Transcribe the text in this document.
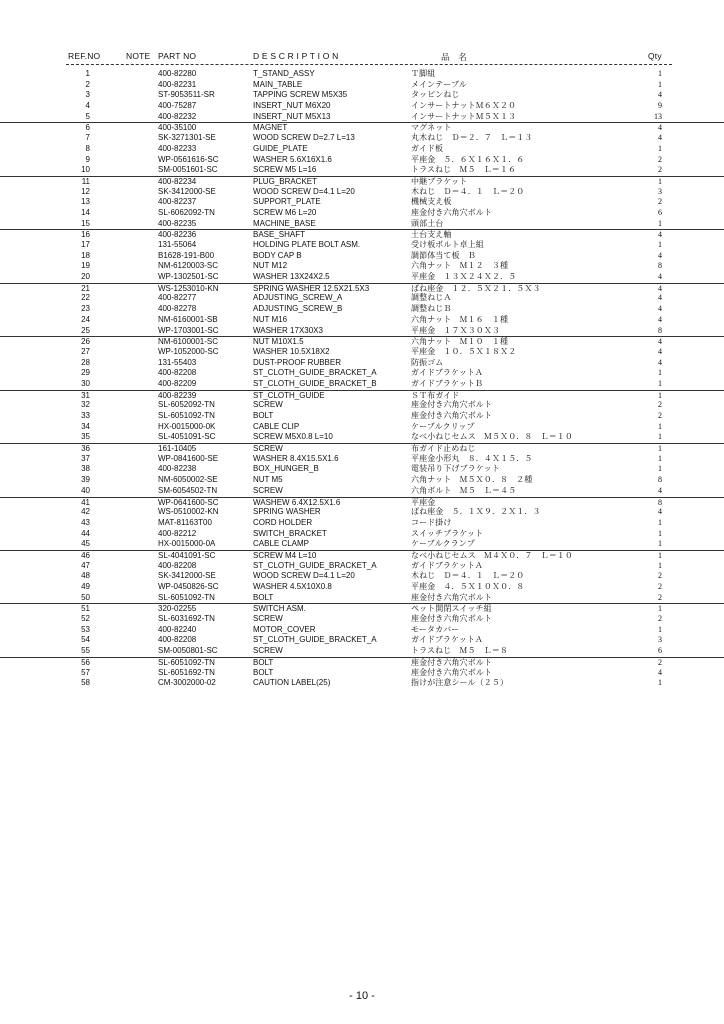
REF.NO	NOTE PART NO	D E S C R I P T I O N	品　名	Qty
1	400-82280	T_STAND_ASSY	Ｔ脚組	1
2	400-82231	MAIN_TABLE	メインテーブル	1
3	ST-9053511-SR	TAPPING SCREW M5X35	タッピンねじ	4
4	400-75287	INSERT_NUT M6X20	インサートナットＭ６Ｘ２０	9
5	400-82232	INSERT_NUT M5X13	インサートナットＭ５Ｘ１３	13
6	400-35100	MAGNET	マグネット	4
7	SK-3271301-SE	WOOD SCREW D=2.7 L=13	丸木ねじ　Ｄ＝２．７　Ｌ＝１３	4
8	400-82233	GUIDE_PLATE	ガイド板	1
9	WP-0561616-SC	WASHER 5.6X16X1.6	平座金　５．６Ｘ１６Ｘ１．６	2
10	SM-0051601-SC	SCREW M5 L=16	トラスねじ　Ｍ５　Ｌ＝１６	2
11	400-82234	PLUG_BRACKET	中継ブラケット	1
12	SK-3412000-SE	WOOD SCREW D=4.1 L=20	木ねじ　Ｄ＝４．１　Ｌ＝２０	3
13	400-82237	SUPPORT_PLATE	機械支え板	2
14	SL-6062092-TN	SCREW M6 L=20	座金付き六角穴ボルト	6
15	400-82235	MACHINE_BASE	頭部土台	1
16	400-82236	BASE_SHAFT	土台支え軸	4
17	131-55064	HOLDING PLATE BOLT ASM.	受け板ボルト卓上組	1
18	B1628-191-B00	BODY CAP B	調節体当て板　Ｂ	4
19	NM-6120003-SC	NUT M12	六角ナット　Ｍ１２　３種	8
20	WP-1302501-SC	WASHER 13X24X2.5	平座金　１３Ｘ２４Ｘ２．５	4
21	WS-1253010-KN	SPRING WASHER 12.5X21.5X3	ばね座金　１２．５Ｘ２１．５Ｘ３	4
22	400-82277	ADJUSTING_SCREW_A	調整ねじＡ	4
23	400-82278	ADJUSTING_SCREW_B	調整ねじＢ	4
24	NM-6160001-SB	NUT M16	六角ナット　Ｍ１６　１種	4
25	WP-1703001-SC	WASHER 17X30X3	平座金　１７Ｘ３０Ｘ３	8
26	NM-6100001-SC	NUT M10X1.5	六角ナット　Ｍ１０　１種	4
27	WP-1052000-SC	WASHER 10.5X18X2	平座金　１０．５Ｘ１８Ｘ２	4
28	131-55403	DUST-PROOF RUBBER	防振ゴム	4
29	400-82208	ST_CLOTH_GUIDE_BRACKET_A	ガイドブラケットＡ	1
30	400-82209	ST_CLOTH_GUIDE_BRACKET_B	ガイドブラケットＢ	1
31	400-82239	ST_CLOTH_GUIDE	ＳＴ布ガイド	1
32	SL-6052092-TN	SCREW	座金付き六角穴ボルト	2
33	SL-6051092-TN	BOLT	座金付き六角穴ボルト	2
34	HX-0015000-0K	CABLE CLIP	ケーブルクリップ	1
35	SL-4051091-SC	SCREW M5X0.8 L=10	なべ小ねじセムス　Ｍ５Ｘ０．８　Ｌ＝１０	1
36	161-10405	SCREW	布ガイド止めねじ	1
37	WP-0841600-SE	WASHER 8.4X15.5X1.6	平座金小形丸　８．４Ｘ１５．５	1
38	400-82238	BOX_HUNGER_B	電装吊り下げブラケット	1
39	NM-6050002-SE	NUT M5	六角ナット　Ｍ５Ｘ０．８　２種	8
40	SM-6054502-TN	SCREW	六角ボルト　Ｍ５　Ｌ＝４５	4
41	WP-0641600-SC	WASHEW 6.4X12.5X1.6	平座金	8
42	WS-0510002-KN	SPRING WASHER	ばね座金　５．１Ｘ９．２Ｘ１．３	4
43	MAT-81163T00	CORD HOLDER	コード掛け	1
44	400-82212	SWITCH_BRACKET	スイッチブラケット	1
45	HX-0015000-0A	CABLE CLAMP	ケーブルクランプ	1
46	SL-4041091-SC	SCREW M4 L=10	なべ小ねじセムス　Ｍ４Ｘ０．７　Ｌ＝１０	1
47	400-82208	ST_CLOTH_GUIDE_BRACKET_A	ガイドブラケットＡ	1
48	SK-3412000-SE	WOOD SCREW D=4.1 L=20	木ねじ　Ｄ＝４．１　Ｌ＝２０	2
49	WP-0450826-SC	WASHER 4.5X10X0.8	平座金　４．５Ｘ１０Ｘ０．８	2
50	SL-6051092-TN	BOLT	座金付き六角穴ボルト	2
51	320-02255	SWITCH ASM.	ペット開閉スイッチ組	1
52	SL-6031692-TN	SCREW	座金付き六角穴ボルト	2
53	400-82240	MOTOR_COVER	モータカバー	1
54	400-82208	ST_CLOTH_GUIDE_BRACKET_A	ガイドブラケットＡ	3
55	SM-0050801-SC	SCREW	トラスねじ　Ｍ５　Ｌ＝８	6
56	SL-6051092-TN	BOLT	座金付き六角穴ボルト	2
57	SL-6051692-TN	BOLT	座金付き六角穴ボルト	4
58	CM-3002000-02	CAUTION LABEL(25)	指けが注意シール（２５）	1
- 10 -
